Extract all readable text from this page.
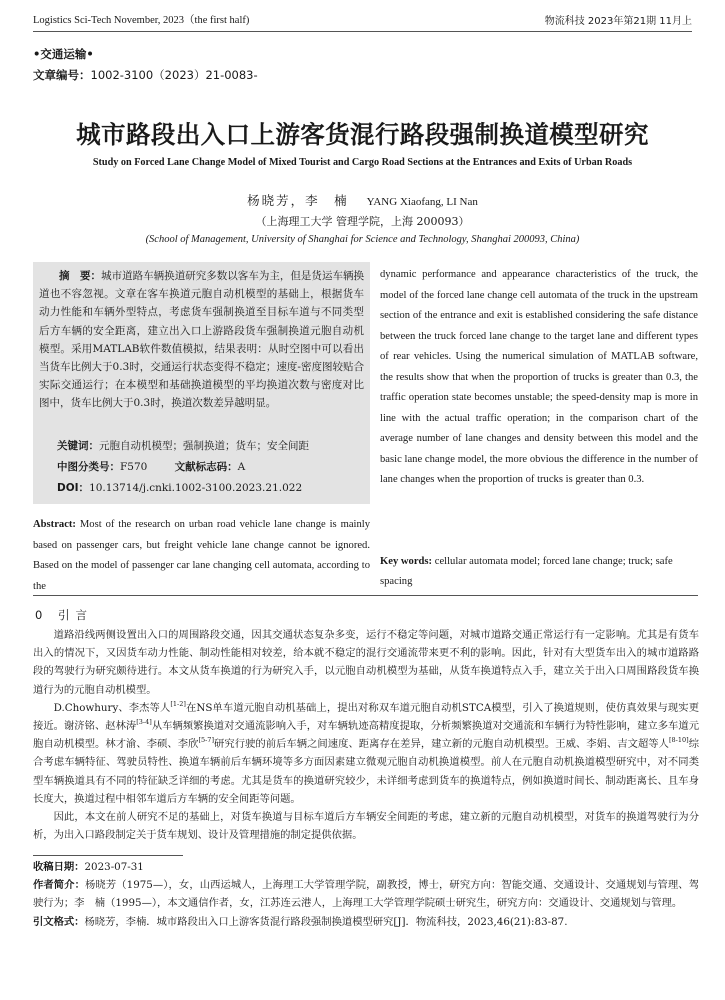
Logistics Sci-Tech November, 2023（the first half)	物流科技 2023年第21期 11月上
•交通运输•
文章编号：1002-3100（2023）21-0083-
城市路段出入口上游客货混行路段强制换道模型研究
Study on Forced Lane Change Model of Mixed Tourist and Cargo Road Sections at the Entrances and Exits of Urban Roads
杨晓芳，李　楠 YANG Xiaofang, LI Nan
（上海理工大学 管理学院，上海 200093）
(School of Management, University of Shanghai for Science and Technology, Shanghai 200093, China)
摘　要：城市道路车辆换道研究多数以客车为主，但是货运车辆换道也不容忽视。文章在客车换道元胞自动机模型的基础上，根据货车动力性能和车辆外型特点，考虑货车强制换道至目标车道与不同类型后方车辆的安全距离，建立出入口上游路段货车强制换道元胞自动机模型。采用MATLAB软件数值模拟，结果表明：从时空图中可以看出当货车比例大于0.3时，交通运行状态变得不稳定；速度-密度图较贴合实际交通运行；在本模型和基础换道模型的平均换道次数与密度对比图中，货车比例大于0.3时，换道次数差异越明显。
关键词：元胞自动机模型；强制换道；货车；安全间距
中图分类号：F570	文献标志码：A
DOI：10.13714/j.cnki.1002-3100.2023.21.022
Abstract: Most of the research on urban road vehicle lane change is mainly based on passenger cars, but freight vehicle lane change cannot be ignored. Based on the model of passenger car lane changing cell automata, according to the
dynamic performance and appearance characteristics of the truck, the model of the forced lane change cell automata of the truck in the upstream section of the entrance and exit is established considering the safe distance between the truck forced lane change to the target lane and different types of rear vehicles. Using the numerical simulation of MATLAB software, the results show that when the proportion of trucks is greater than 0.3, the traffic operation state becomes unstable; the speed-density map is more in line with the actual traffic operation; in the comparison chart of the average number of lane changes and density between this model and the basic lane change model, the more obvious the difference in the number of lane changes when the proportion of trucks is greater than 0.3.
Key words: cellular automata model; forced lane change; truck; safe spacing
0 引言

道路沿线两侧设置出入口的周围路段交通，因其交通状态复杂多变，运行不稳定等问题，对城市道路交通正常运行有一定影响。尤其是有货车出入的情况下，又因货车动力性能、制动性能相对较差，给本就不稳定的混行交通流带来更不利的影响。因此，针对有大型货车出入的城市道路路段的驾驶行为研究颇待进行。本文从货车换道的行为研究入手，以元胞自动机模型为基础，从货车换道特点入手，建立关于出入口周围路段货车换道行为的元胞自动机模型。

D.Chowhury、李杰等人[1-2]在NS单车道元胞自动机基础上，提出对称双车道元胞自动机STCA模型，引入了换道规则，使仿真效果与现实更接近。谢济铭、赵林涛[3-4]从车辆频繁换道对交通流影响入手，对车辆轨迹高精度提取，分析频繁换道对交通流和车辆行为特性影响，建立多车道元胞自动机模型。林才渝、李硕、李欣[5-7]研究行驶的前后车辆之间速度、距离存在差异，建立新的元胞自动机模型。王威、李娟、吉文超等人[8-10]综合考虑车辆特征、驾驶员特性、换道车辆前后车辆环境等多方面因素建立微观元胞自动机换道模型。前人在元胞自动机换道模型研究中，对不同类型车辆换道具有不同的特征缺乏详细的考虑。尤其是货车的换道研究较少，未详细考虑到货车的换道特点，例如换道时间长、制动距离长、且车身长度大，换道过程中相邻车道后方车辆的安全间距等问题。

因此，本文在前人研究不足的基础上，对货车换道与目标车道后方车辆安全间距的考虑，建立新的元胞自动机模型，对货车的换道驾驶行为分析，为出入口路段制定关于货车规划、设计及管理措施的制定提供依据。

收稿日期：2023-07-31
作者简介：杨晓芳（1975—），女，山西运城人，上海理工大学管理学院，副教授，博士，研究方向：智能交通、交通设计、交通规划与管理、驾驶行为；李　楠（1995—），本文通信作者，女，江苏连云港人，上海理工大学管理学院硕士研究生，研究方向：交通设计、交通规划与管理。
引文格式：杨晓芳，李楠．城市路段出入口上游客货混行路段强制换道模型研究[J]．物流科技，2023,46(21):83-87.
